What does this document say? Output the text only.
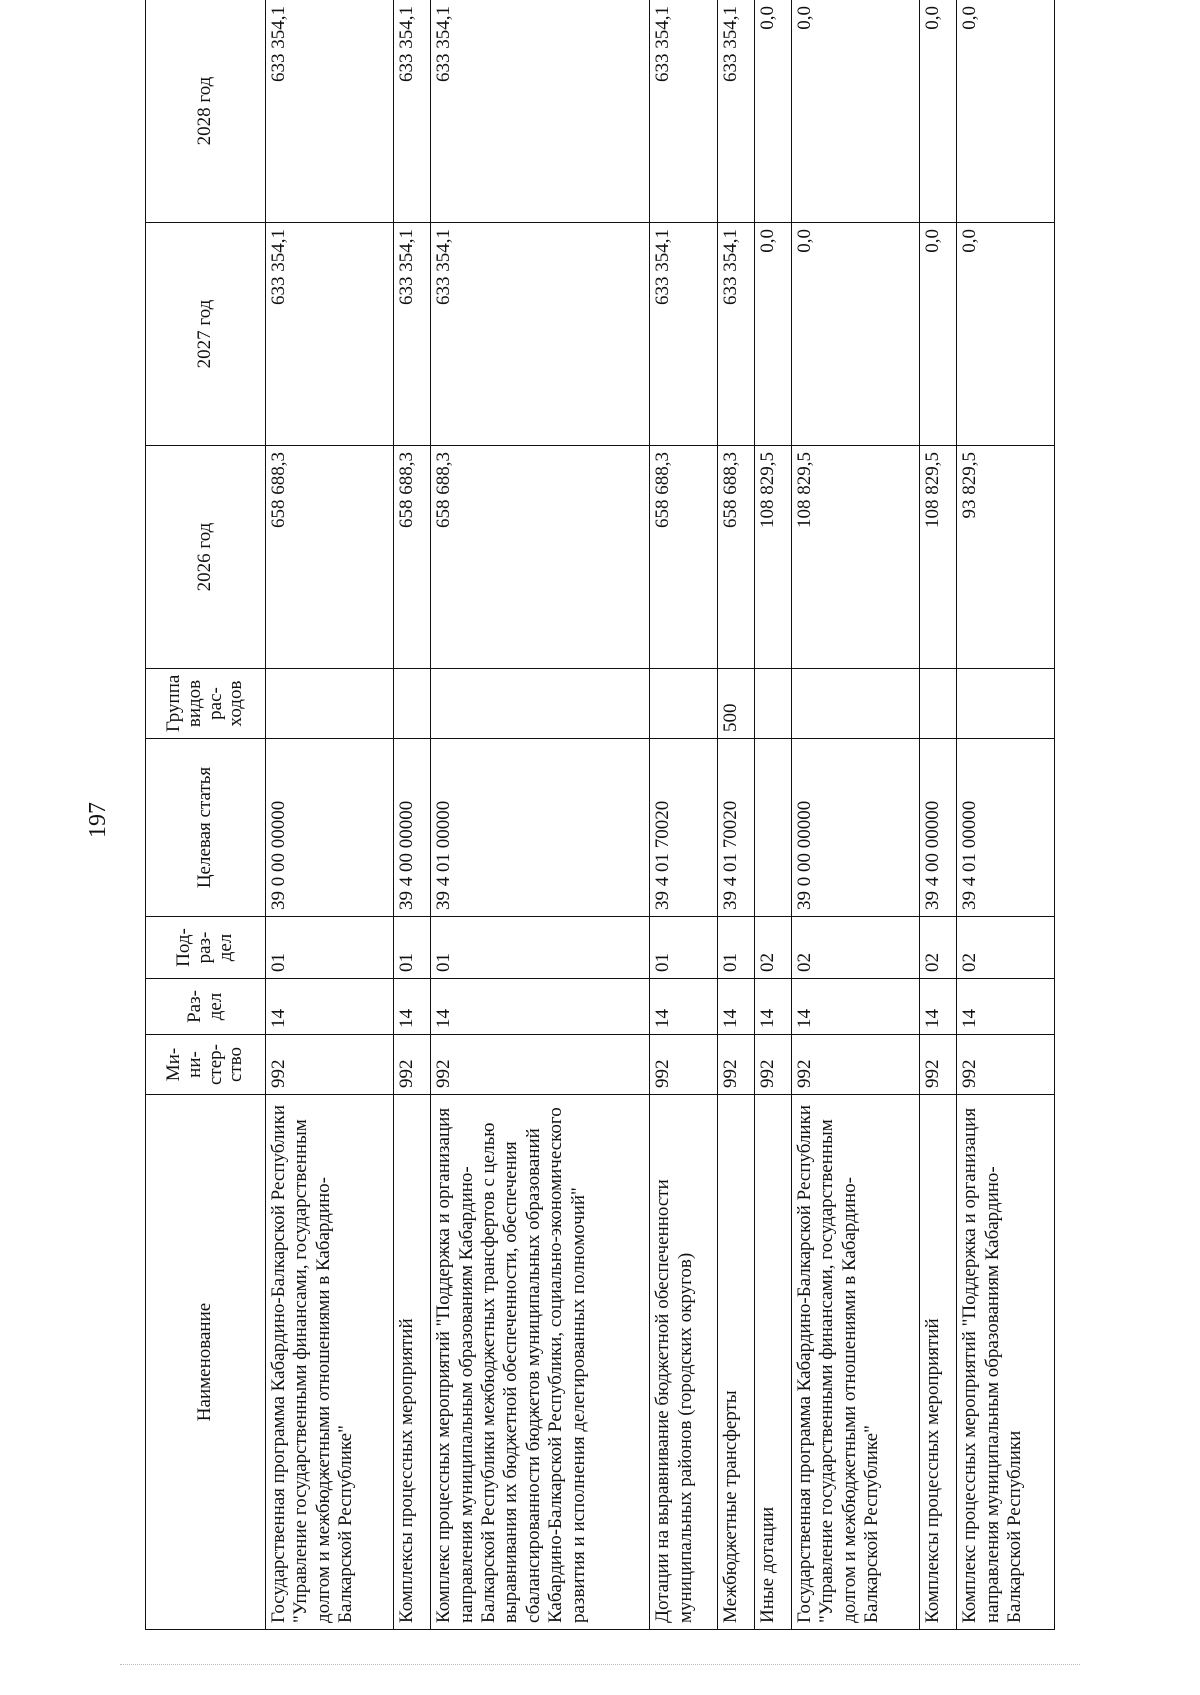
197
Наименование	Ми-ни-стер-ство	Раз-дел	Под-раз-дел	Целевая статья	Группа видов рас-ходов	2026 год	2027 год	2028 год
Государственная программа Кабардино-Балкарской Республики "Управление государственными финансами, государственным долгом и межбюджетными отношениями в Кабардино-Балкарской Республике"	992	14	01	39 0 00 00000		658 688,3	633 354,1	633 354,1
Комплексы процессных мероприятий	992	14	01	39 4 00 00000		658 688,3	633 354,1	633 354,1
Комплекс процессных мероприятий "Поддержка и организация направления муниципальным образованиям Кабардино-Балкарской Республики межбюджетных трансфертов с целью выравнивания их бюджетной обеспеченности, обеспечения сбалансированности бюджетов муниципальных образований Кабардино-Балкарской Республики, социально-экономического развития и исполнения делегированных полномочий"	992	14	01	39 4 01 00000		658 688,3	633 354,1	633 354,1
Дотации на выравнивание бюджетной обеспеченности муниципальных районов (городских округов)	992	14	01	39 4 01 70020		658 688,3	633 354,1	633 354,1
Межбюджетные трансферты	992	14	01	39 4 01 70020	500	658 688,3	633 354,1	633 354,1
Иные дотации	992	14	02			108 829,5	0,0	0,0
Государственная программа Кабардино-Балкарской Республики "Управление государственными финансами, государственным долгом и межбюджетными отношениями в Кабардино-Балкарской Республике"	992	14	02	39 0 00 00000		108 829,5	0,0	0,0
Комплексы процессных мероприятий	992	14	02	39 4 00 00000		108 829,5	0,0	0,0
Комплекс процессных мероприятий "Поддержка и организация направления муниципальным образованиям Кабардино-Балкарской Республики	992	14	02	39 4 01 00000		93 829,5	0,0	0,0
